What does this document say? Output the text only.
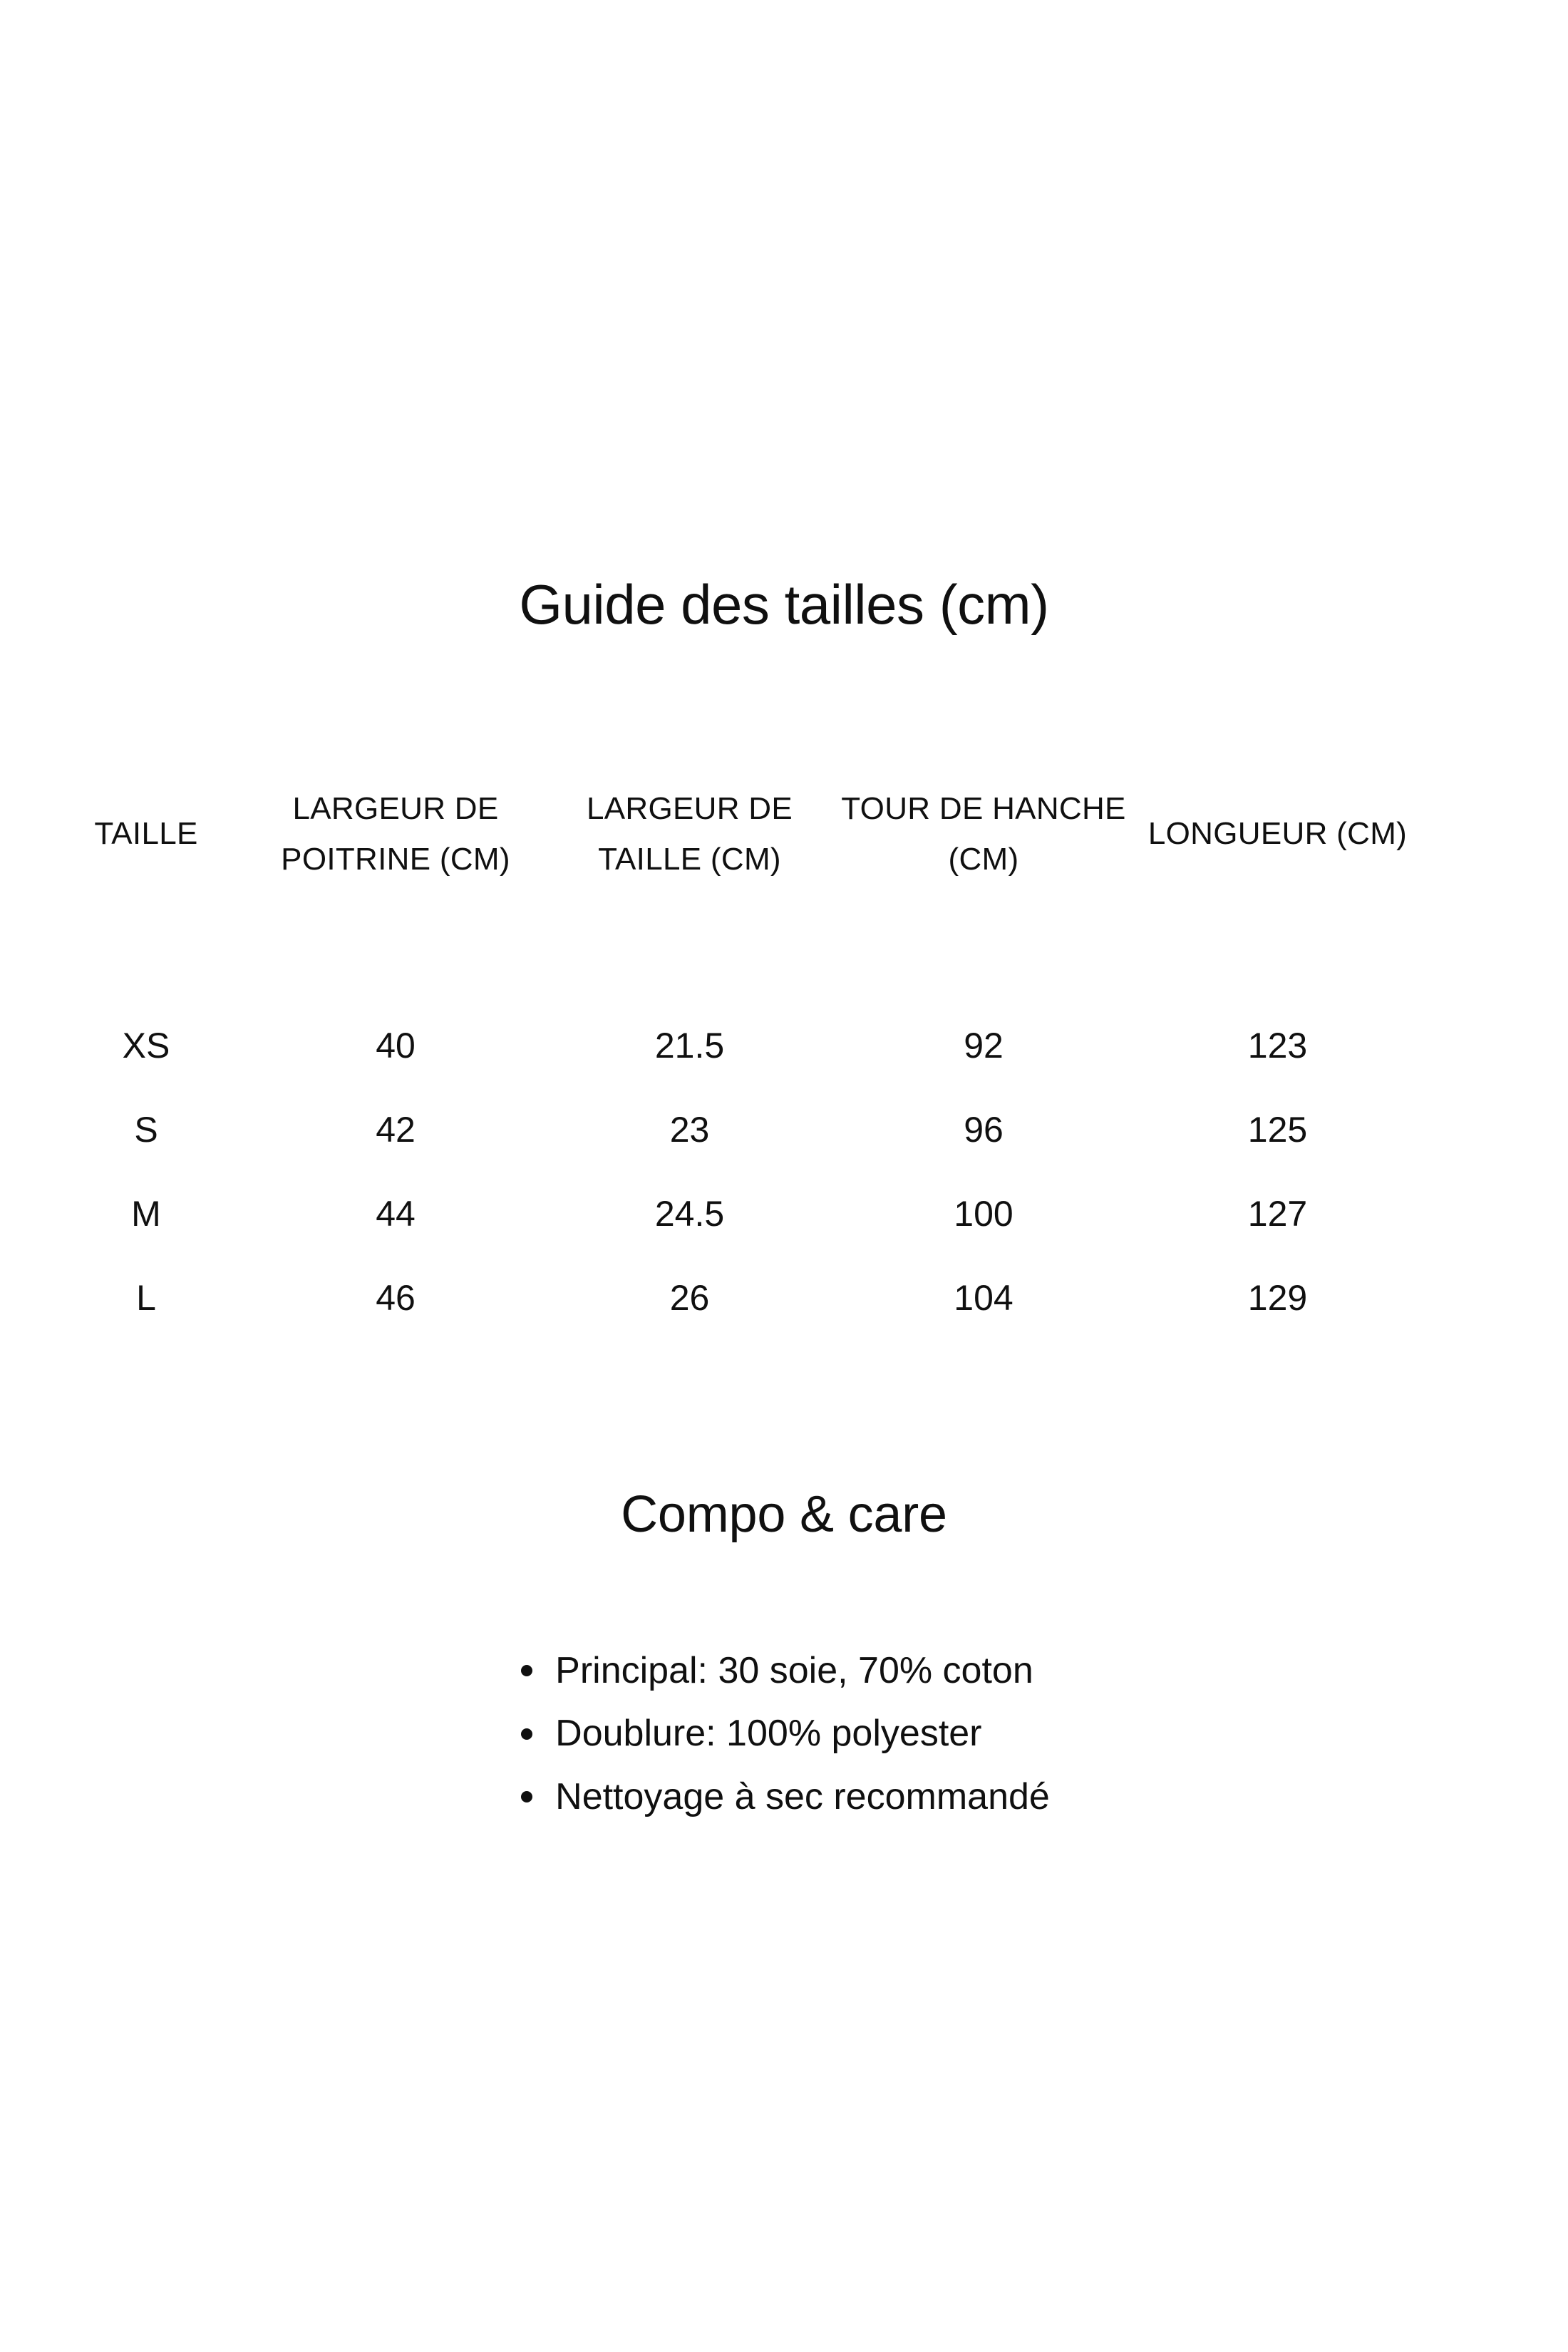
Guide des tailles (cm)
TAILLE	LARGEUR DE POITRINE (CM)	LARGEUR DE TAILLE (CM)	TOUR DE HANCHE (CM)	LONGUEUR (CM)
XS	40	21.5	92	123
S	42	23	96	125
M	44	24.5	100	127
L	46	26	104	129
Compo & care
Principal: 30 soie, 70% coton
Doublure: 100% polyester
Nettoyage à sec recommandé
